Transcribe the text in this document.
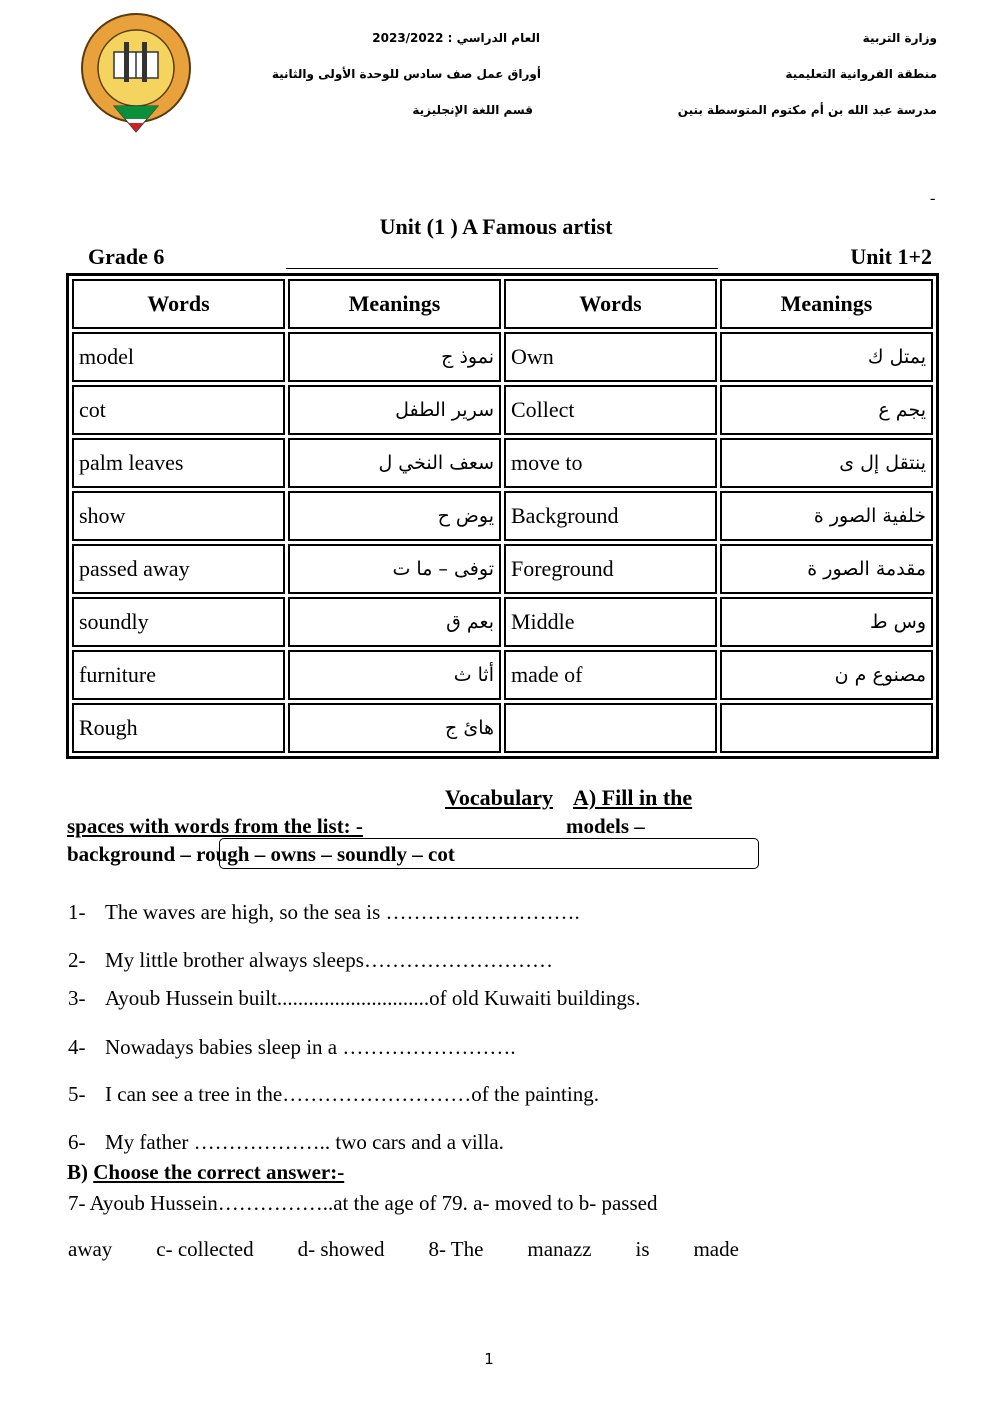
العام الدراسي : 2023/2022
أوراق عمل صف سادس للوحدة الأولى والثانية
قسم اللغة الإنجليزية
وزارة التربية
منطقة الفروانية التعليمية
مدرسة عبد الله بن أم مكتوم المتوسطة بنين
-
Unit (1 ) A Famous artist
Grade 6	Unit 1+2
Words	Meanings	Words	Meanings
model	نموذ ج	Own	يمتل ك
cot	سرير الطفل	Collect	يجم ع
palm leaves	سعف النخي ل	move to	ينتقل إل ى
show	يوض ح	Background	خلفية الصور ة
passed away	توفى – ما ت	Foreground	مقدمة الصور ة
soundly	بعم ق	Middle	وس ط
furniture	أثا ث	made of	مصنوع م ن
Rough	هائ ج		
Vocabulary A) Fill in the
spaces with words from the list: -	models –
background – rough – owns – soundly – cot
1- The waves are high, so the sea is ……………………….
2- My little brother always sleeps………………………
3- Ayoub Hussein built.............................of old Kuwaiti buildings.
4- Nowadays babies sleep in a …………………….
5- I can see a tree in the………………………of the painting.
6- My father ……………….. two cars and a villa.
B) Choose the correct answer:-
7- Ayoub Hussein……………..at the age of 79. a- moved to b- passed
away c- collected d- showed 8- The manazz is made
1
